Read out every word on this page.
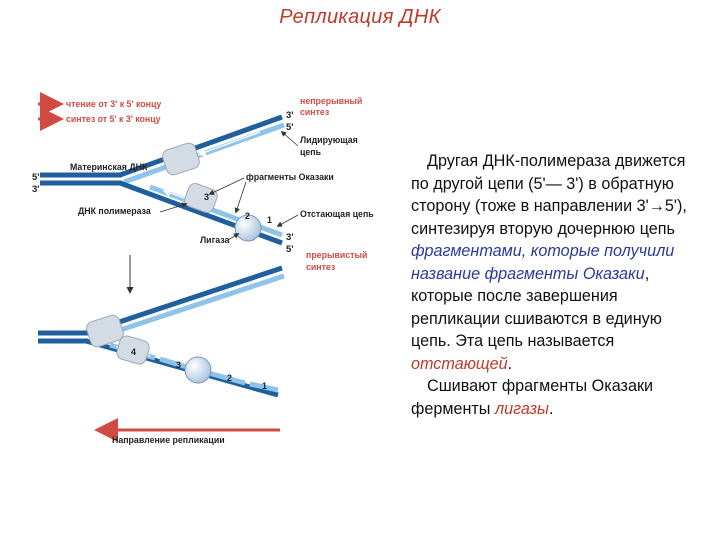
Репликация ДНК
чтение от 3' к 5' концу
синтез от 5' к 3' концу
3
2 1
3'
5'
5'
3'
3'
5'
непрерывный
синтез
Лидирующая
цепь
Материнская ДНК
фрагменты Оказаки
ДНК полимераза	Отстающая цепь
Лигаза
прерывистый
синтез
4
3
2
1
Направление репликации
Другая ДНК-полимераза движется по другой цепи (5'— 3') в обратную сторону (тоже в направлении 3'→5'), синтезируя вторую дочернюю цепь фрагментами, которые получили название фрагменты Оказаки, которые после завершения репликации сшиваются в единую цепь. Эта цепь называется отстающей.
Сшивают фрагменты Оказаки ферменты лигазы.
